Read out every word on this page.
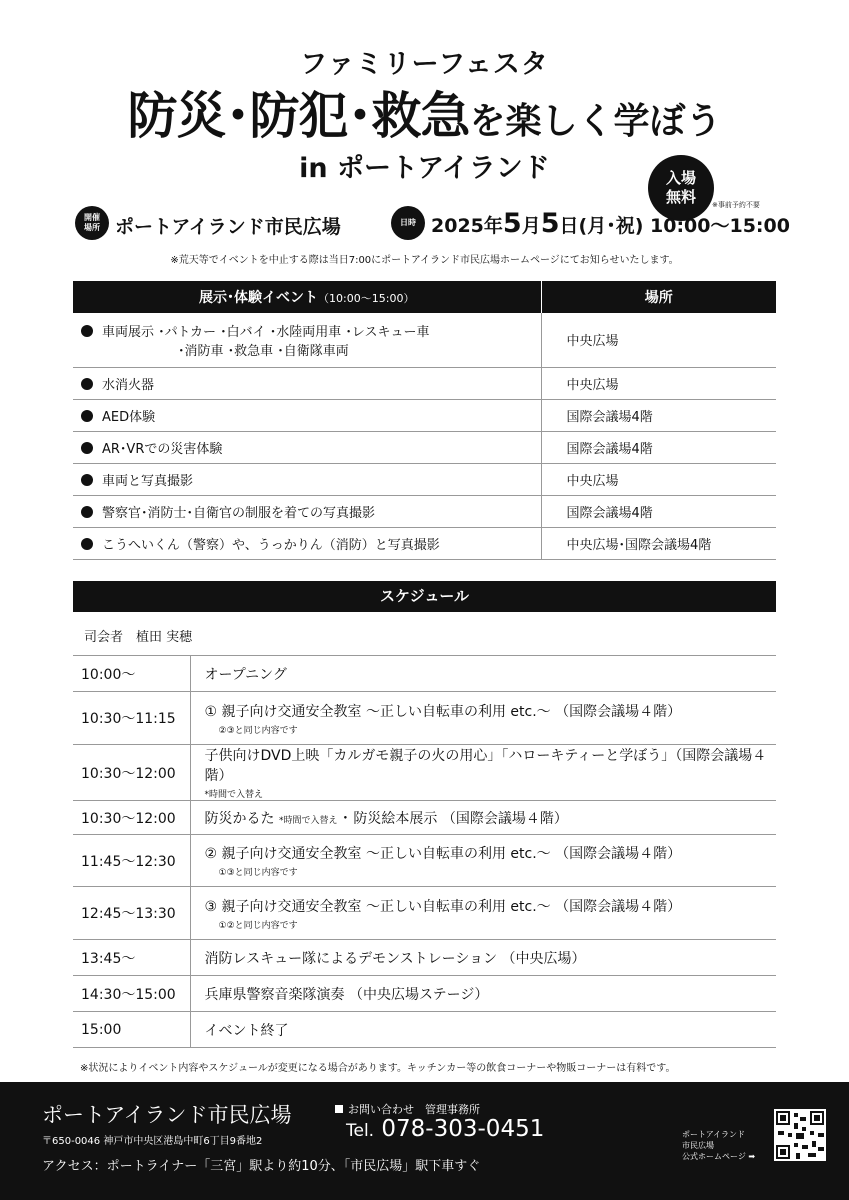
ファミリーフェスタ
防災･防犯･救急を楽しく学ぼう
in ポートアイランド	入場
無料 ※事前予約不要
開催
場所 ポートアイランド市民広場	日時 2025年5月5日(月･祝) 10:00〜15:00
※荒天等でイベントを中止する際は当日7:00にポートアイランド市民広場ホームページにてお知らせいたします。
展示･体験イベント（10:00〜15:00）	場所

車両展示 ･パトカー ･白バイ ･水陸両用車 ･レスキュー車
･消防車 ･救急車 ･自衛隊車両	中央広場
水消火器	中央広場
AED体験	国際会議場4階
AR･VRでの災害体験	国際会議場4階
車両と写真撮影	中央広場
警察官･消防士･自衛官の制服を着ての写真撮影	国際会議場4階
こうへいくん（警察）や、うっかりん（消防）と写真撮影	中央広場･国際会議場4階
スケジュール
司会者　植田 実穂
10:00〜	オープニング
10:30〜11:15	① 親子向け交通安全教室 〜正しい自転車の利用 etc.〜 （国際会議場４階）
②③と同じ内容です

10:30〜12:00	子供向けDVD上映「カルガモ親子の火の用心」「ハローキティーと学ぼう」（国際会議場４階）
*時間で入替え

10:30〜12:00	防災かるた *時間で入替え ･ 防災絵本展示 （国際会議場４階）
11:45〜12:30	② 親子向け交通安全教室 〜正しい自転車の利用 etc.〜 （国際会議場４階）
①③と同じ内容です

12:45〜13:30	③ 親子向け交通安全教室 〜正しい自転車の利用 etc.〜 （国際会議場４階）
①②と同じ内容です

13:45〜	消防レスキュー隊によるデモンストレーション （中央広場）
14:30〜15:00	兵庫県警察音楽隊演奏 （中央広場ステージ）
15:00	イベント終了
※状況によりイベント内容やスケジュールが変更になる場合があります。キッチンカー等の飲食コーナーや物販コーナーは有料です。
ポートアイランド市民広場
〒650-0046 神戸市中央区港島中町6丁目9番地2
アクセス：ポートライナー「三宮」駅より約10分、「市民広場」駅下車すぐ
お問い合わせ　管理事務所
Tel. 078-303-0451	ポートアイランド
市民広場
公式ホームページ ➡
